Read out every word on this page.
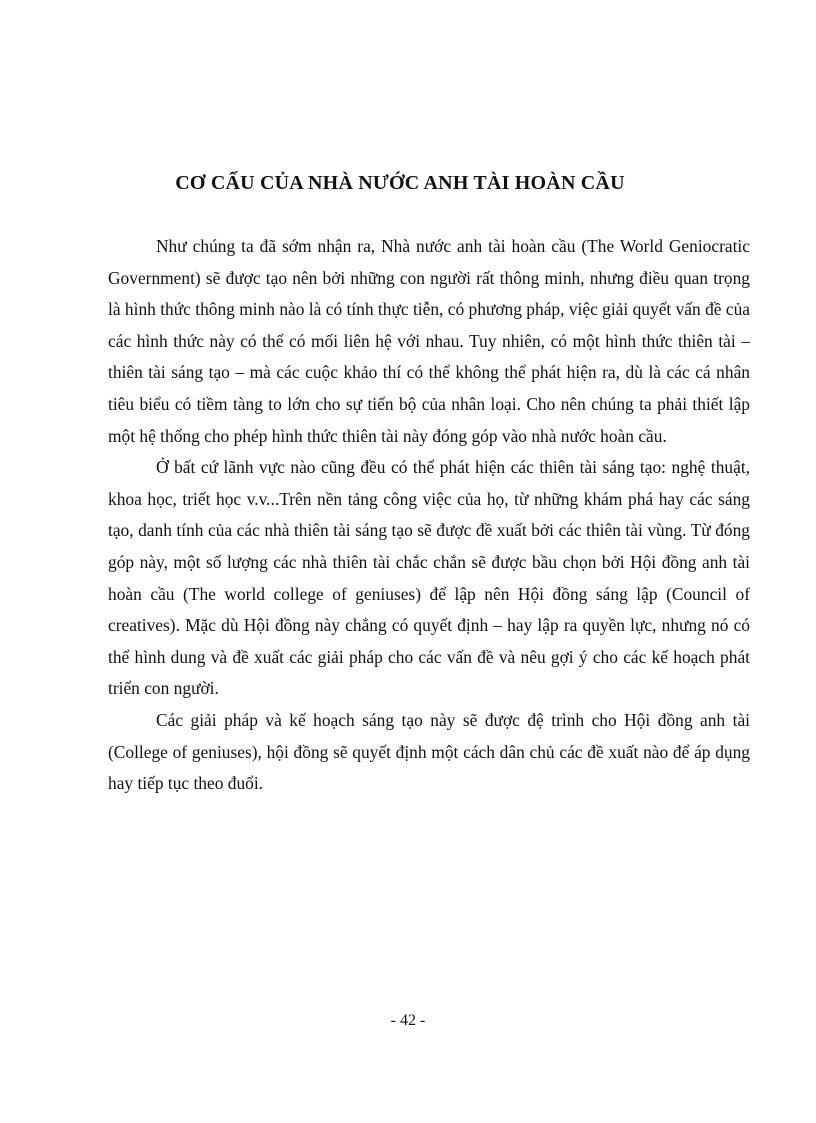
CƠ CẤU CỦA NHÀ NƯỚC ANH TÀI HOÀN CẦU

Như chúng ta đã sớm nhận ra, Nhà nước anh tài hoàn cầu (The World Geniocratic Government) sẽ được tạo nên bởi những con người rất thông minh, nhưng điều quan trọng là hình thức thông minh nào là có tính thực tiễn, có phương pháp, việc giải quyết vấn đề của các hình thức này có thể có mối liên hệ với nhau. Tuy nhiên, có một hình thức thiên tài – thiên tài sáng tạo – mà các cuộc khảo thí có thể không thể phát hiện ra, dù là các cá nhân tiêu biểu có tiềm tàng to lớn cho sự tiến bộ của nhân loại. Cho nên chúng ta phải thiết lập một hệ thống cho phép hình thức thiên tài này đóng góp vào nhà nước hoàn cầu.

Ở bất cứ lãnh vực nào cũng đều có thể phát hiện các thiên tài sáng tạo: nghệ thuật, khoa học, triết học v.v...Trên nền tảng công việc của họ, từ những khám phá hay các sáng tạo, danh tính của các nhà thiên tài sáng tạo sẽ được đề xuất bởi các thiên tài vùng. Từ đóng góp này, một số lượng các nhà thiên tài chắc chắn sẽ được bầu chọn bởi Hội đồng anh tài hoàn cầu (The world college of geniuses) để lập nên Hội đồng sáng lập (Council of creatives). Mặc dù Hội đồng này chẳng có quyết định – hay lập ra quyền lực, nhưng nó có thể hình dung và đề xuất các giải pháp cho các vấn đề và nêu gợi ý cho các kế hoạch phát triển con người.

Các giải pháp và kế hoạch sáng tạo này sẽ được đệ trình cho Hội đồng anh tài (College of geniuses), hội đồng sẽ quyết định một cách dân chủ các đề xuất nào để áp dụng hay tiếp tục theo đuổi.

- 42 -
